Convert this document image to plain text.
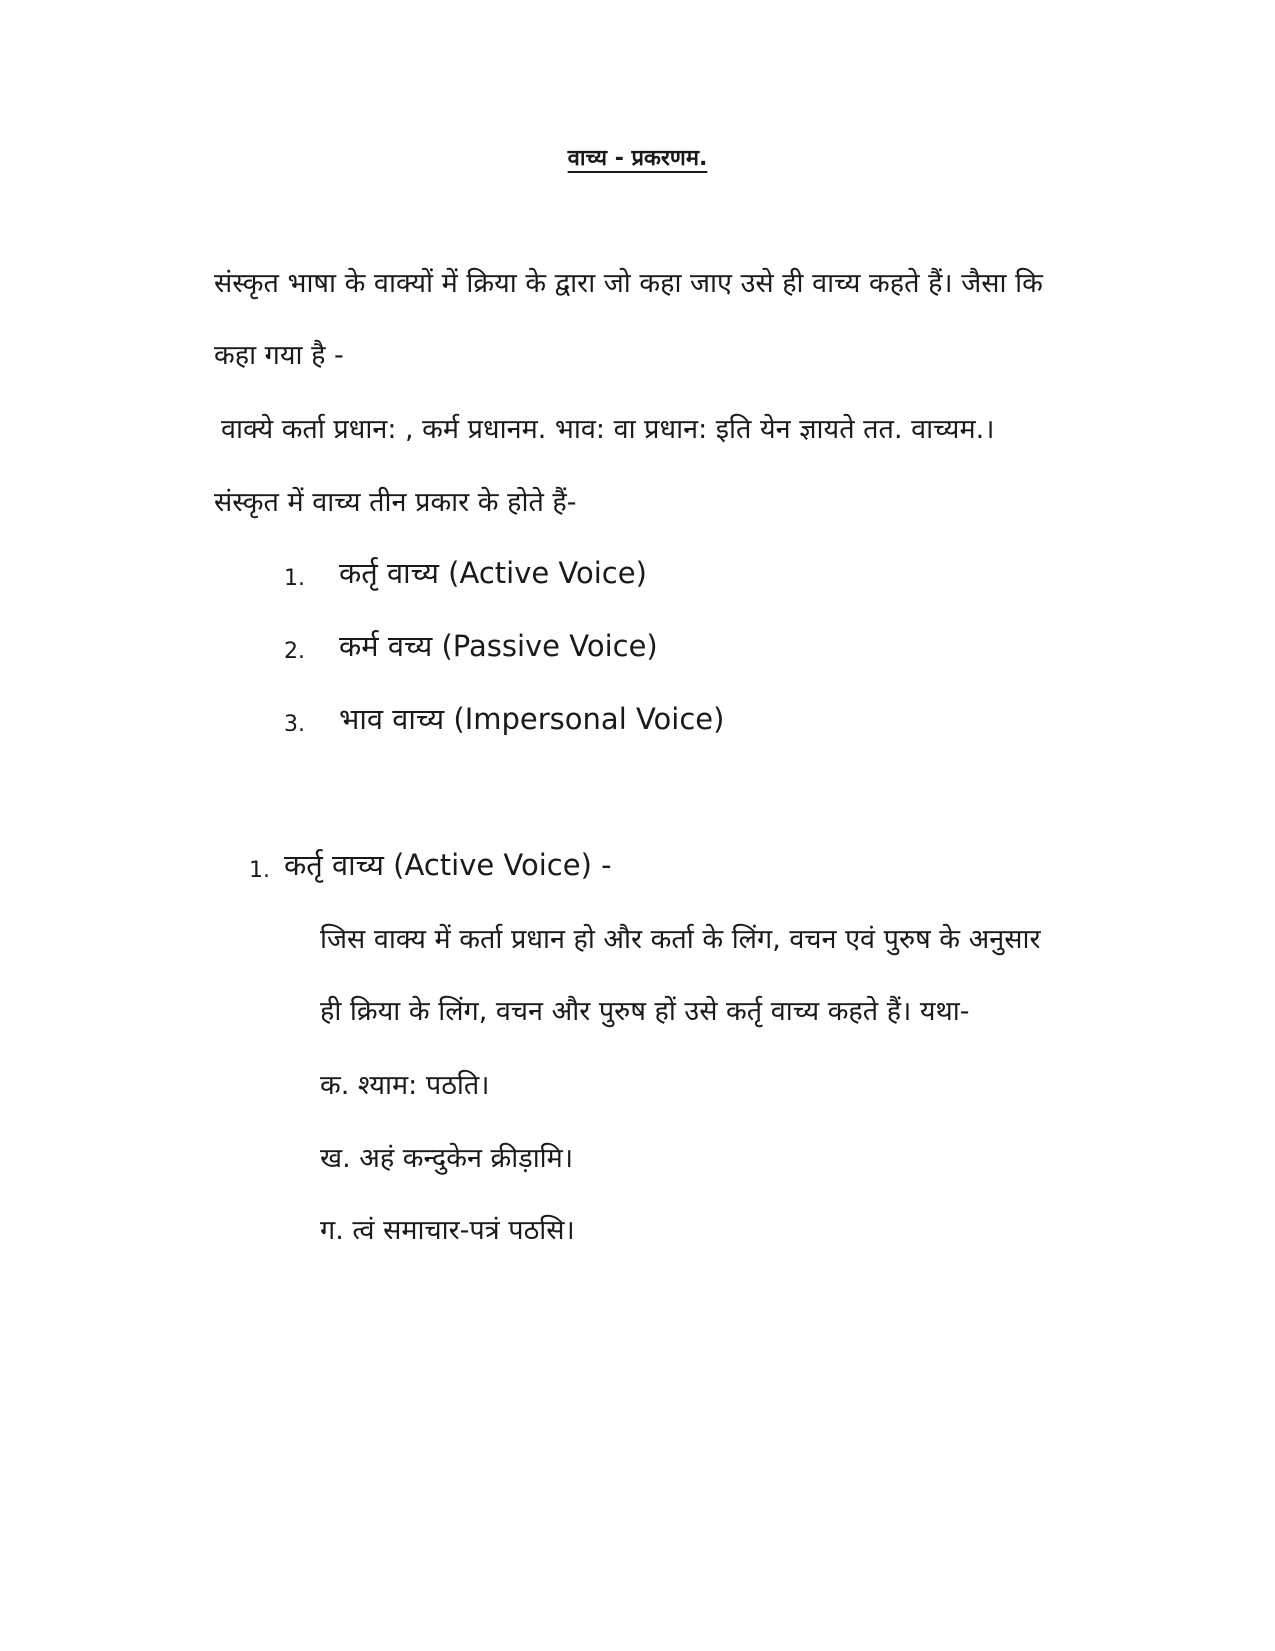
वाच्य - प्रकरणम.
संस्कृत भाषा के वाक्यों में क्रिया के द्वारा जो कहा जाए उसे ही वाच्य कहते हैं। जैसा कि
कहा गया है -
वाक्ये कर्ता प्रधान: , कर्म प्रधानम. भाव: वा प्रधान: इति येन ज्ञायते तत. वाच्यम.।
संस्कृत में वाच्य तीन प्रकार के होते हैं-
1. कर्तृ वाच्य (Active Voice)
2. कर्म वच्य (Passive Voice)
3. भाव वाच्य (Impersonal Voice)
1. कर्तृ वाच्य (Active Voice) -
जिस वाक्य में कर्ता प्रधान हो और कर्ता के लिंग, वचन एवं पुरुष के अनुसार
ही क्रिया के लिंग, वचन और पुरुष हों उसे कर्तृ वाच्य कहते हैं। यथा-
क. श्याम: पठति।
ख. अहं कन्दुकेन क्रीड़ामि।
ग. त्वं समाचार-पत्रं पठसि।
